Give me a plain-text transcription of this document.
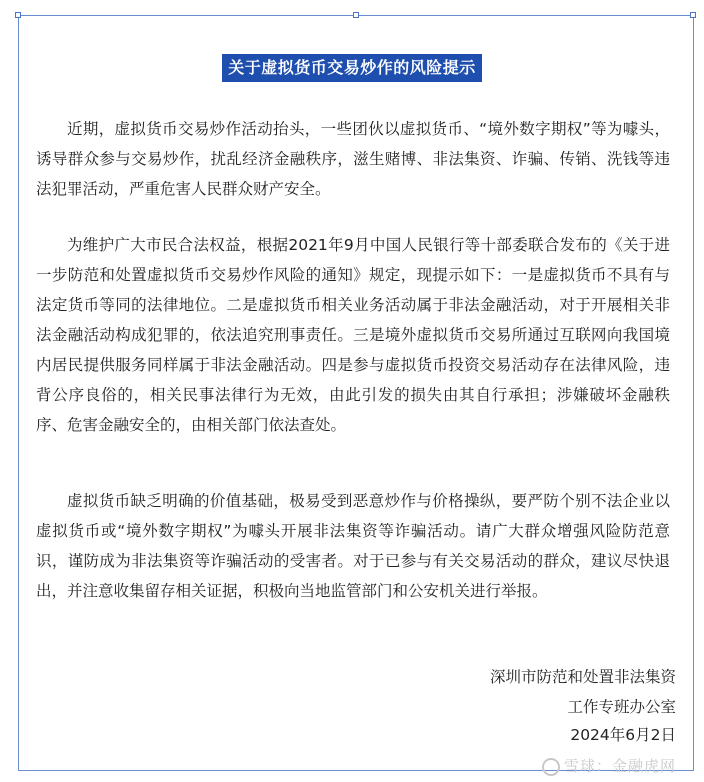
关于虚拟货币交易炒作的风险提示

近期，虚拟货币交易炒作活动抬头，一些团伙以虚拟货币、“境外数字期权”等为噱头，诱导群众参与交易炒作，扰乱经济金融秩序，滋生赌博、非法集资、诈骗、传销、洗钱等违法犯罪活动，严重危害人民群众财产安全。

为维护广大市民合法权益，根据2021年9月中国人民银行等十部委联合发布的《关于进一步防范和处置虚拟货币交易炒作风险的通知》规定，现提示如下：一是虚拟货币不具有与法定货币等同的法律地位。二是虚拟货币相关业务活动属于非法金融活动，对于开展相关非法金融活动构成犯罪的，依法追究刑事责任。三是境外虚拟货币交易所通过互联网向我国境内居民提供服务同样属于非法金融活动。四是参与虚拟货币投资交易活动存在法律风险，违背公序良俗的，相关民事法律行为无效，由此引发的损失由其自行承担；涉嫌破坏金融秩序、危害金融安全的，由相关部门依法查处。

虚拟货币缺乏明确的价值基础，极易受到恶意炒作与价格操纵，要严防个别不法企业以虚拟货币或“境外数字期权”为噱头开展非法集资等诈骗活动。请广大群众增强风险防范意识，谨防成为非法集资等诈骗活动的受害者。对于已参与有关交易活动的群众，建议尽快退出，并注意收集留存相关证据，积极向当地监管部门和公安机关进行举报。

深圳市防范和处置非法集资
工作专班办公室
2024年6月2日
雪球：金融虎网
